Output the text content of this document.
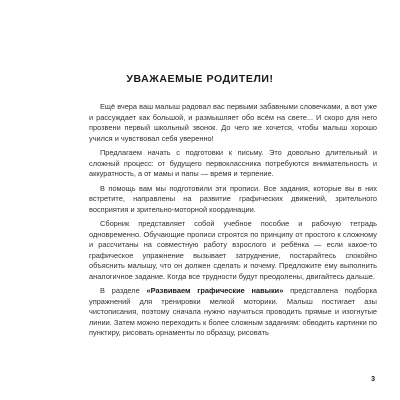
УВАЖАЕМЫЕ РОДИТЕЛИ!

Ещё вчера ваш малыш радовал вас первыми забавными словечками, а вот уже и рассуждает как большой, и размышляет обо всём на свете... И скоро для него прозвени первый школьный звонок. До чего же хочется, чтобы малыш хорошо учился и чувствовал себя уверенно!

Предлагаем начать с подготовки к письму. Это довольно длительный и сложный процесс: от будущего первоклассника потребуются внимательность и аккуратность, а от мамы и папы — время и терпение.

В помощь вам мы подготовили эти прописи. Все задания, которые вы в них встретите, направлены на развитие графических движений, зрительного восприятия и зрительно-моторной координации.

Сборник представляет собой учебное пособие и рабочую тетрадь одновременно. Обучающие прописи строятся по принципу от простого к сложному и рассчитаны на совместную работу взрослого и ребёнка — если какое-то графическое упражнение вызывает затруднение, постарайтесь спокойно объяснить малышу, что он должен сделать и почему. Предложите ему выполнить аналогичное задание. Когда все трудности будут преодолены, двигайтесь дальше.

В разделе «Развиваем графические навыки» представлена подборка упражнений для тренировки мелкой моторики. Малыш постигает азы чистописания, поэтому сначала нужно научиться проводить прямые и изогнутые линии. Затем можно переходить к более сложным заданиям: обводить картинки по пунктиру, рисовать орнаменты по образцу, рисовать

3
